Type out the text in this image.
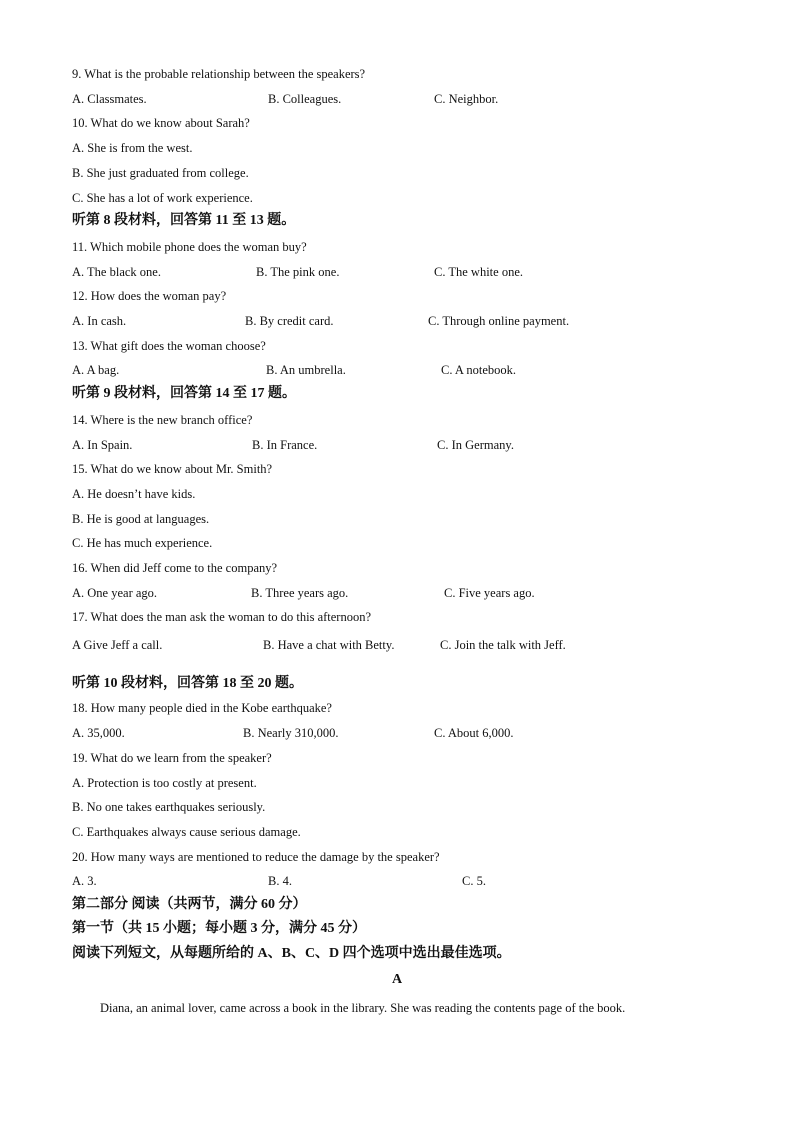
9. What is the probable relationship between the speakers?
A. Classmates.	B. Colleagues.	C. Neighbor.
10. What do we know about Sarah?
A. She is from the west.
B. She just graduated from college.
C. She has a lot of work experience.
听第 8 段材料，回答第 11 至 13 题。
11. Which mobile phone does the woman buy?
A. The black one.	B. The pink one.	C. The white one.
12. How does the woman pay?
A. In cash.	B. By credit card.	C. Through online payment.
13. What gift does the woman choose?
A. A bag.	B. An umbrella.	C. A notebook.
听第 9 段材料，回答第 14 至 17 题。
14. Where is the new branch office?
A. In Spain.	B. In France.	C. In Germany.
15. What do we know about Mr. Smith?
A. He doesn’t have kids.
B. He is good at languages.
C. He has much experience.
16. When did Jeff come to the company?
A. One year ago.	B. Three years ago.	C. Five years ago.
17. What does the man ask the woman to do this afternoon?
A Give Jeff a call.	B. Have a chat with Betty.	C. Join the talk with Jeff.
听第 10 段材料，回答第 18 至 20 题。
18. How many people died in the Kobe earthquake?
A. 35,000.	B. Nearly 310,000.	C. About 6,000.
19. What do we learn from the speaker?
A. Protection is too costly at present.
B. No one takes earthquakes seriously.
C. Earthquakes always cause serious damage.
20. How many ways are mentioned to reduce the damage by the speaker?
A. 3.	B. 4.	C. 5.
第二部分 阅读（共两节，满分 60 分）
第一节（共 15 小题；每小题 3 分，满分 45 分）
阅读下列短文，从每题所给的 A、B、C、D 四个选项中选出最佳选项。
A
Diana, an animal lover, came across a book in the library. She was reading the contents page of the book.
